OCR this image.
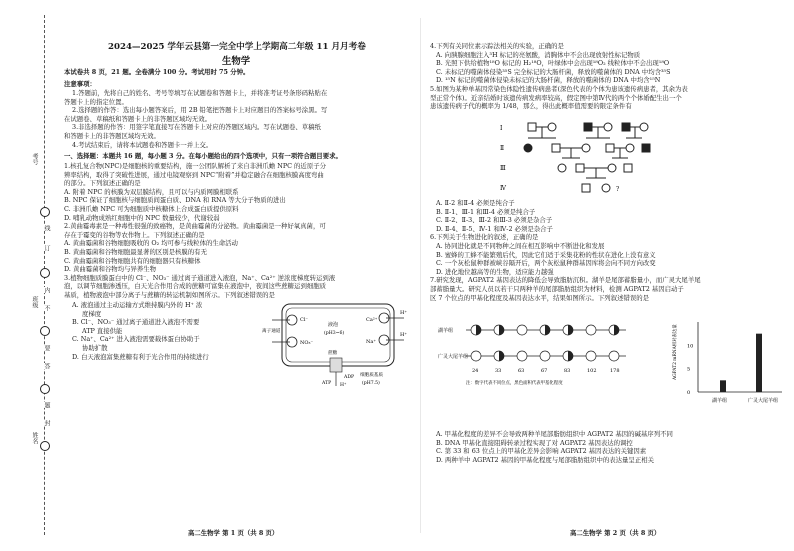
考号
班级
姓名
线
订
内
不
要
答
题
封
2024—2025 学年云县第一完全中学上学期高二年级 11 月月考卷
生物学
本试卷共 8 页，21 题。全卷满分 100 分。考试用时 75 分钟。
注意事项：
1.答题前，先将自己的姓名、考号等填写在试题卷和答题卡上，并将准考证号条形码粘贴在
答题卡上的指定位置。
2.选择题的作答：选出每小题答案后，用 2B 铅笔把答题卡上对应题目的答案标号涂黑。写
在试题卷、草稿纸和答题卡上的非答题区域均无效。
3.非选择题的作答：用签字笔直接写在答题卡上对应的答题区域内。写在试题卷、草稿纸
和答题卡上的非答题区域均无效。
4.考试结束后，请将本试题卷和答题卡一并上交。
一、选择题：本题共 16 题，每小题 3 分。在每小题给出的四个选项中，只有一项符合题目要求。
1.核孔复合物(NPC)是细胞核的重要结构，施一公团队解析了来自非洲爪蟾 NPC 的近原子分
辨率结构，取得了突破性进展，通过电镜观察到 NPC“附着”并稳定融合在细胞核膜高度弯曲
的部分。下列叙述正确的是
A. 附着 NPC 的核膜为双层膜结构，且可以与内质网膜相联系
B. NPC 保证了细胞核与细胞质间蛋白质、DNA 和 RNA 等大分子物质的进出
C. 非洲爪蟾 NPC 可为细胞质中核糖体上合成蛋白质提供原料
D. 哺乳动物成熟红细胞中的 NPC 数量较少，代谢较弱
2.黄曲霉毒素是一种毒性很强的致癌物，是黄曲霉菌的分泌物。黄曲霉菌是一种好氧真菌，可
存在于霉变的谷物等农作物上。下列叙述正确的是
A. 黄曲霉菌和谷物细胞吸收的 O₂ 均可参与线粒体的生命活动
B. 黄曲霉菌和谷物细胞最显著的区别是核膜的有无
C. 黄曲霉菌和谷物细胞共有的细胞器只有核糖体
D. 黄曲霉菌和谷物均与异养生物
3.植物细胞质膜蛋白中的 Cl⁻、NO₃⁻ 通过离子通道进入液泡，Na⁺、Ca²⁺ 逆浓度梯度转运到液
泡，以调节细胞渗透压，白天光合作用合成的蔗糖可富集在液泡中，夜间这些蔗糖运到细胞质
基质，植物液泡中部分离子与蔗糖的转运机制如图所示。下列叙述错误的是
A. 液泡通过主动运输方式维持膜内外的 H⁺ 浓
度梯度
B. Cl⁻、NO₃⁻ 通过离子通道进入液泡不需要
ATP 直接供能
C. Na⁺、Ca²⁺ 进入液泡需要载体蛋白协助于
协助扩散
D. 白天液泡富集蔗糖有利于光合作用的持续进行
离子通道
Cl⁻
NO₃⁻
液泡
(pH3~6)
Ca²⁺
H⁺
Na⁺
H⁺
蔗糖
ATP H⁺
细胞质基质
(pH7.5)
ADP
高二生物学 第 1 页（共 8 页）
4.下列有关同位素示踪法相关的实验，正确的是
A. 向胰腺细胞注入³H 标记的亮氨酸，消胸体中不会出现放射性标记物质
B. 光照下供给植物¹⁸O 标记的 H₂¹⁸O，叶绿体中会出现¹⁸O₂ 线粒体中不会出现¹⁸O
C. 未标记的噬菌体侵染³⁵S 完全标记的大肠杆菌，释放的噬菌体的 DNA 中均含³⁵S
D. ¹⁵N 标记的噬菌体侵染未标记的大肠杆菌，释放的噬菌体的 DNA 中均含¹⁵N
5.如图为某种单基因常染色体隐性遗传病患者(深色代表的个体为患该遗传病患者，其余为表
型正常个体)。近亲结婚时该遗传病发病率较高，假定图中第Ⅳ代的两个个体婚配生出一个
患该遗传病子代的概率为 1/48，那么，得出此概率值需要的限定条件有
Ⅰ
Ⅱ
Ⅲ
Ⅳ	?
A. Ⅱ-2 和Ⅱ-4 必须是纯合子
B. Ⅱ-1、Ⅲ-1 和Ⅲ-4 必须是纯合子
C. Ⅱ-2、Ⅱ-3、Ⅲ-2 和Ⅲ-3 必须是杂合子
D. Ⅱ-4、Ⅱ-5、Ⅳ-1 和Ⅳ-2 必须是杂合子
6.下列关于生物进化的叙述，正确的是
A. 协同进化就是不同物种之间在相互影响中不断进化和发展
B. 蜜蜂的工蜂不能繁殖后代，因此它们适于采集花粉的性状在进化上没有意义
C. 一个灰松鼠种群被峡谷隔开后，两个灰松鼠种群基因库将会向不同方向改变
D. 进化地位越高等的生物，适应能力越强
7.研究发现，AGPAT2 基因表达的降低会导致脂肪沉积。湖羊是尾部蓄脂量小，而广灵大尾羊尾
部蓄脂量大。研究人员以若干只两种羊的尾部脂肪组织为材料，检测 AGPAT2 基因启动子
区 7 个位点的甲基化程度及基因表达水平，结果如图所示。下列叙述错误的是
湖羊组
广灵大尾羊组
24	33	63	67	83	102	178
注：数字代表不同位点，黑色面积代表甲基化程度
AGPAT2 mRNA相对表达量
0
5
10
湖羊组	广灵大尾羊组
A. 甲基化程度的差异不会导致两种羊尾部脂肪组织中 AGPAT2 基因的碱基序列不同
B. DNA 甲基化直接阻碍转录过程实现了对 AGPAT2 基因表达的调控
C. 第 33 和 63 位点上的甲基化差异会影响 AGPAT2 基因表达的关键因素
D. 两种羊中 AGPAT2 基因的甲基化程度与尾部脂肪组织中的表达量呈正相关
高二生物学 第 2 页（共 8 页）
